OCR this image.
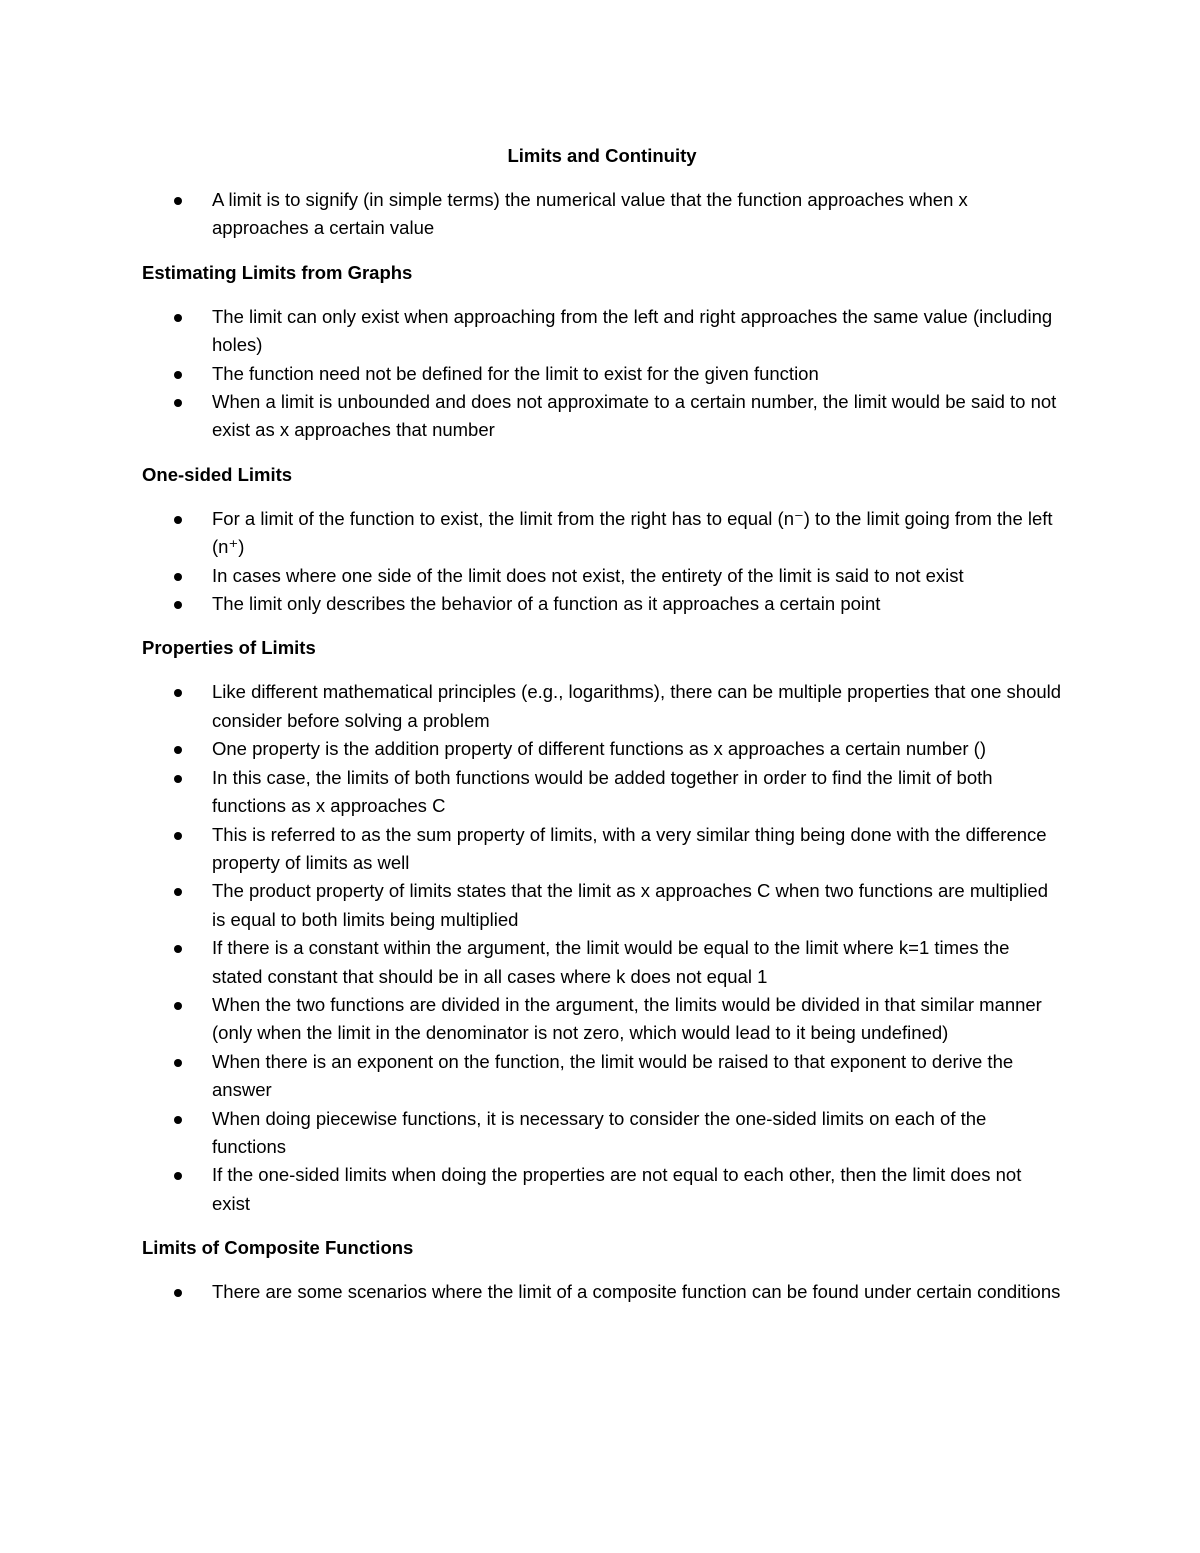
Limits and Continuity
A limit is to signify (in simple terms) the numerical value that the function approaches when x approaches a certain value
Estimating Limits from Graphs
The limit can only exist when approaching from the left and right approaches the same value (including holes)
The function need not be defined for the limit to exist for the given function
When a limit is unbounded and does not approximate to a certain number, the limit would be said to not exist as x approaches that number
One-sided Limits
For a limit of the function to exist, the limit from the right has to equal (n⁻) to the limit going from the left (n⁺)
In cases where one side of the limit does not exist, the entirety of the limit is said to not exist
The limit only describes the behavior of a function as it approaches a certain point
Properties of Limits
Like different mathematical principles (e.g., logarithms), there can be multiple properties that one should consider before solving a problem
One property is the addition property of different functions as x approaches a certain number ()
In this case, the limits of both functions would be added together in order to find the limit of both functions as x approaches C
This is referred to as the sum property of limits, with a very similar thing being done with the difference property of limits as well
The product property of limits states that the limit as x approaches C when two functions are multiplied is equal to both limits being multiplied
If there is a constant within the argument, the limit would be equal to the limit where k=1 times the stated constant that should be in all cases where k does not equal 1
When the two functions are divided in the argument, the limits would be divided in that similar manner (only when the limit in the denominator is not zero, which would lead to it being undefined)
When there is an exponent on the function, the limit would be raised to that exponent to derive the answer
When doing piecewise functions, it is necessary to consider the one-sided limits on each of the functions
If the one-sided limits when doing the properties are not equal to each other, then the limit does not exist
Limits of Composite Functions
There are some scenarios where the limit of a composite function can be found under certain conditions
